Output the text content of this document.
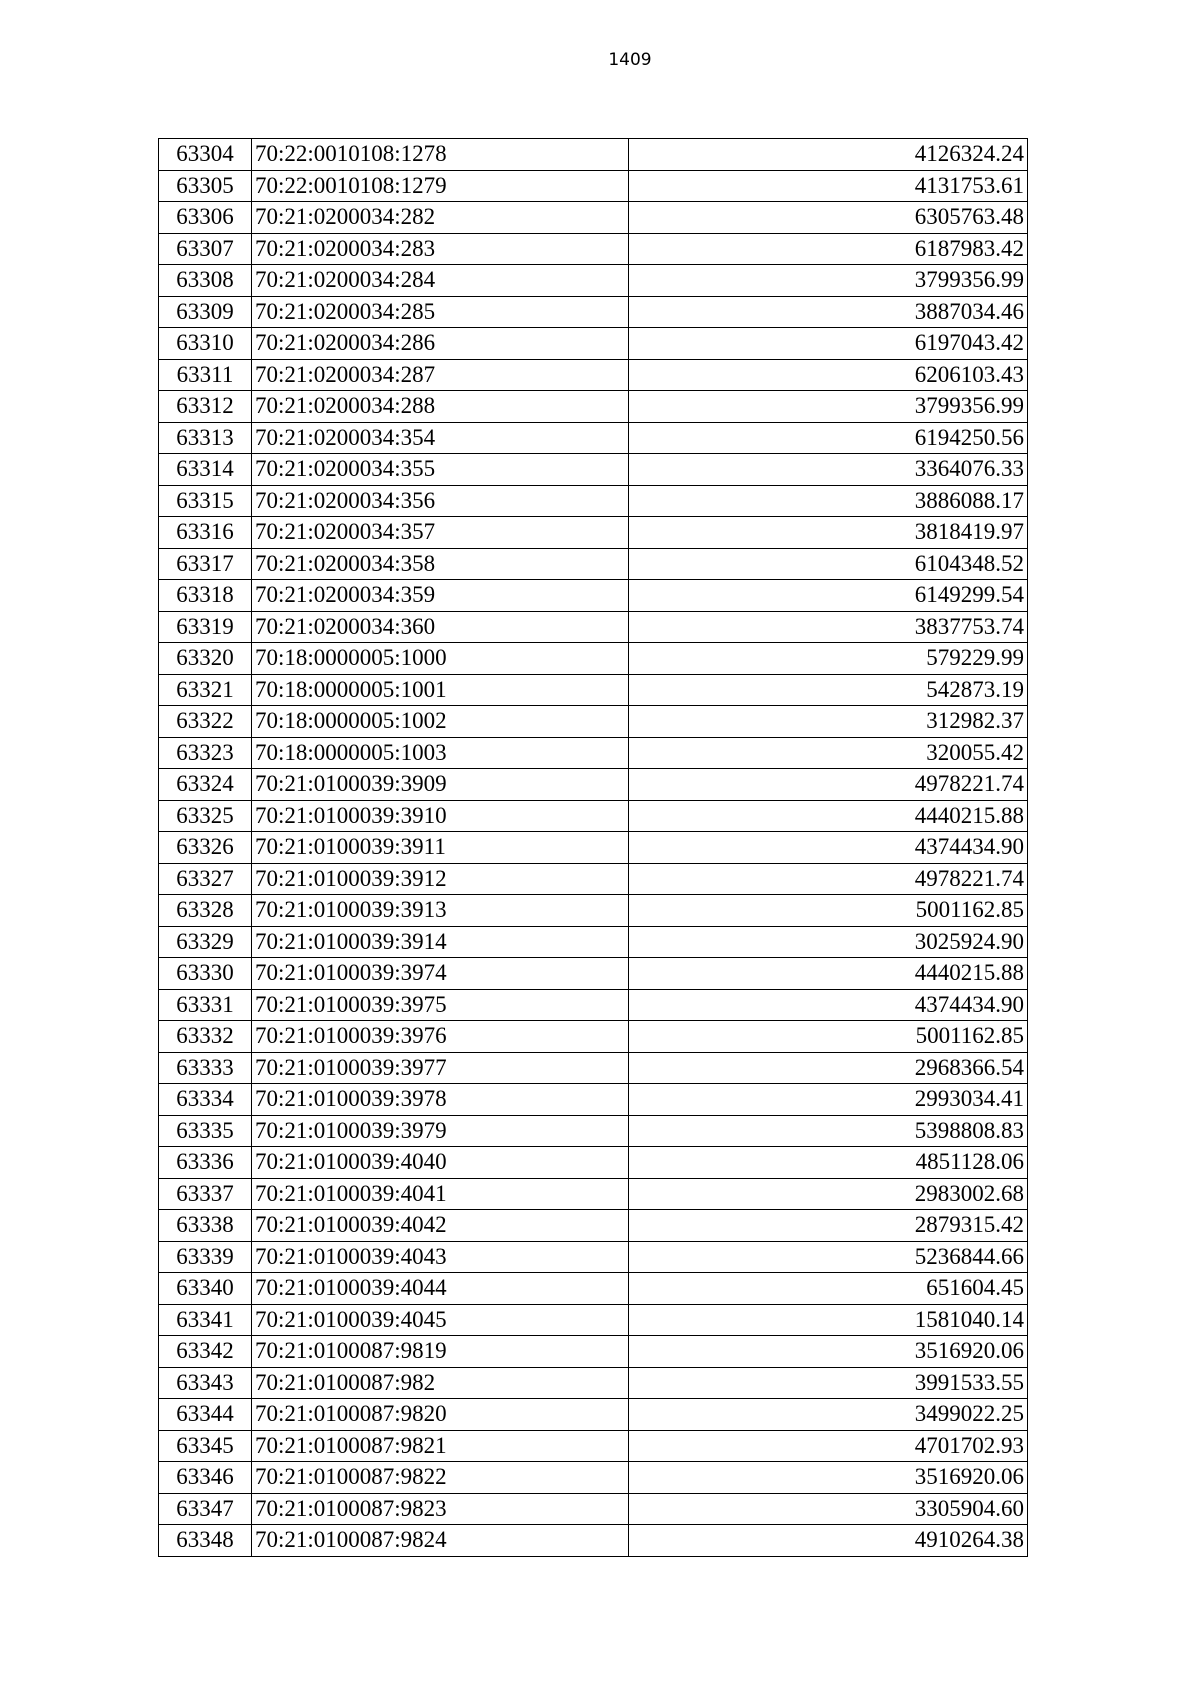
1409
63304	70:22:0010108:1278	4126324.24
63305	70:22:0010108:1279	4131753.61
63306	70:21:0200034:282	6305763.48
63307	70:21:0200034:283	6187983.42
63308	70:21:0200034:284	3799356.99
63309	70:21:0200034:285	3887034.46
63310	70:21:0200034:286	6197043.42
63311	70:21:0200034:287	6206103.43
63312	70:21:0200034:288	3799356.99
63313	70:21:0200034:354	6194250.56
63314	70:21:0200034:355	3364076.33
63315	70:21:0200034:356	3886088.17
63316	70:21:0200034:357	3818419.97
63317	70:21:0200034:358	6104348.52
63318	70:21:0200034:359	6149299.54
63319	70:21:0200034:360	3837753.74
63320	70:18:0000005:1000	579229.99
63321	70:18:0000005:1001	542873.19
63322	70:18:0000005:1002	312982.37
63323	70:18:0000005:1003	320055.42
63324	70:21:0100039:3909	4978221.74
63325	70:21:0100039:3910	4440215.88
63326	70:21:0100039:3911	4374434.90
63327	70:21:0100039:3912	4978221.74
63328	70:21:0100039:3913	5001162.85
63329	70:21:0100039:3914	3025924.90
63330	70:21:0100039:3974	4440215.88
63331	70:21:0100039:3975	4374434.90
63332	70:21:0100039:3976	5001162.85
63333	70:21:0100039:3977	2968366.54
63334	70:21:0100039:3978	2993034.41
63335	70:21:0100039:3979	5398808.83
63336	70:21:0100039:4040	4851128.06
63337	70:21:0100039:4041	2983002.68
63338	70:21:0100039:4042	2879315.42
63339	70:21:0100039:4043	5236844.66
63340	70:21:0100039:4044	651604.45
63341	70:21:0100039:4045	1581040.14
63342	70:21:0100087:9819	3516920.06
63343	70:21:0100087:982	3991533.55
63344	70:21:0100087:9820	3499022.25
63345	70:21:0100087:9821	4701702.93
63346	70:21:0100087:9822	3516920.06
63347	70:21:0100087:9823	3305904.60
63348	70:21:0100087:9824	4910264.38
